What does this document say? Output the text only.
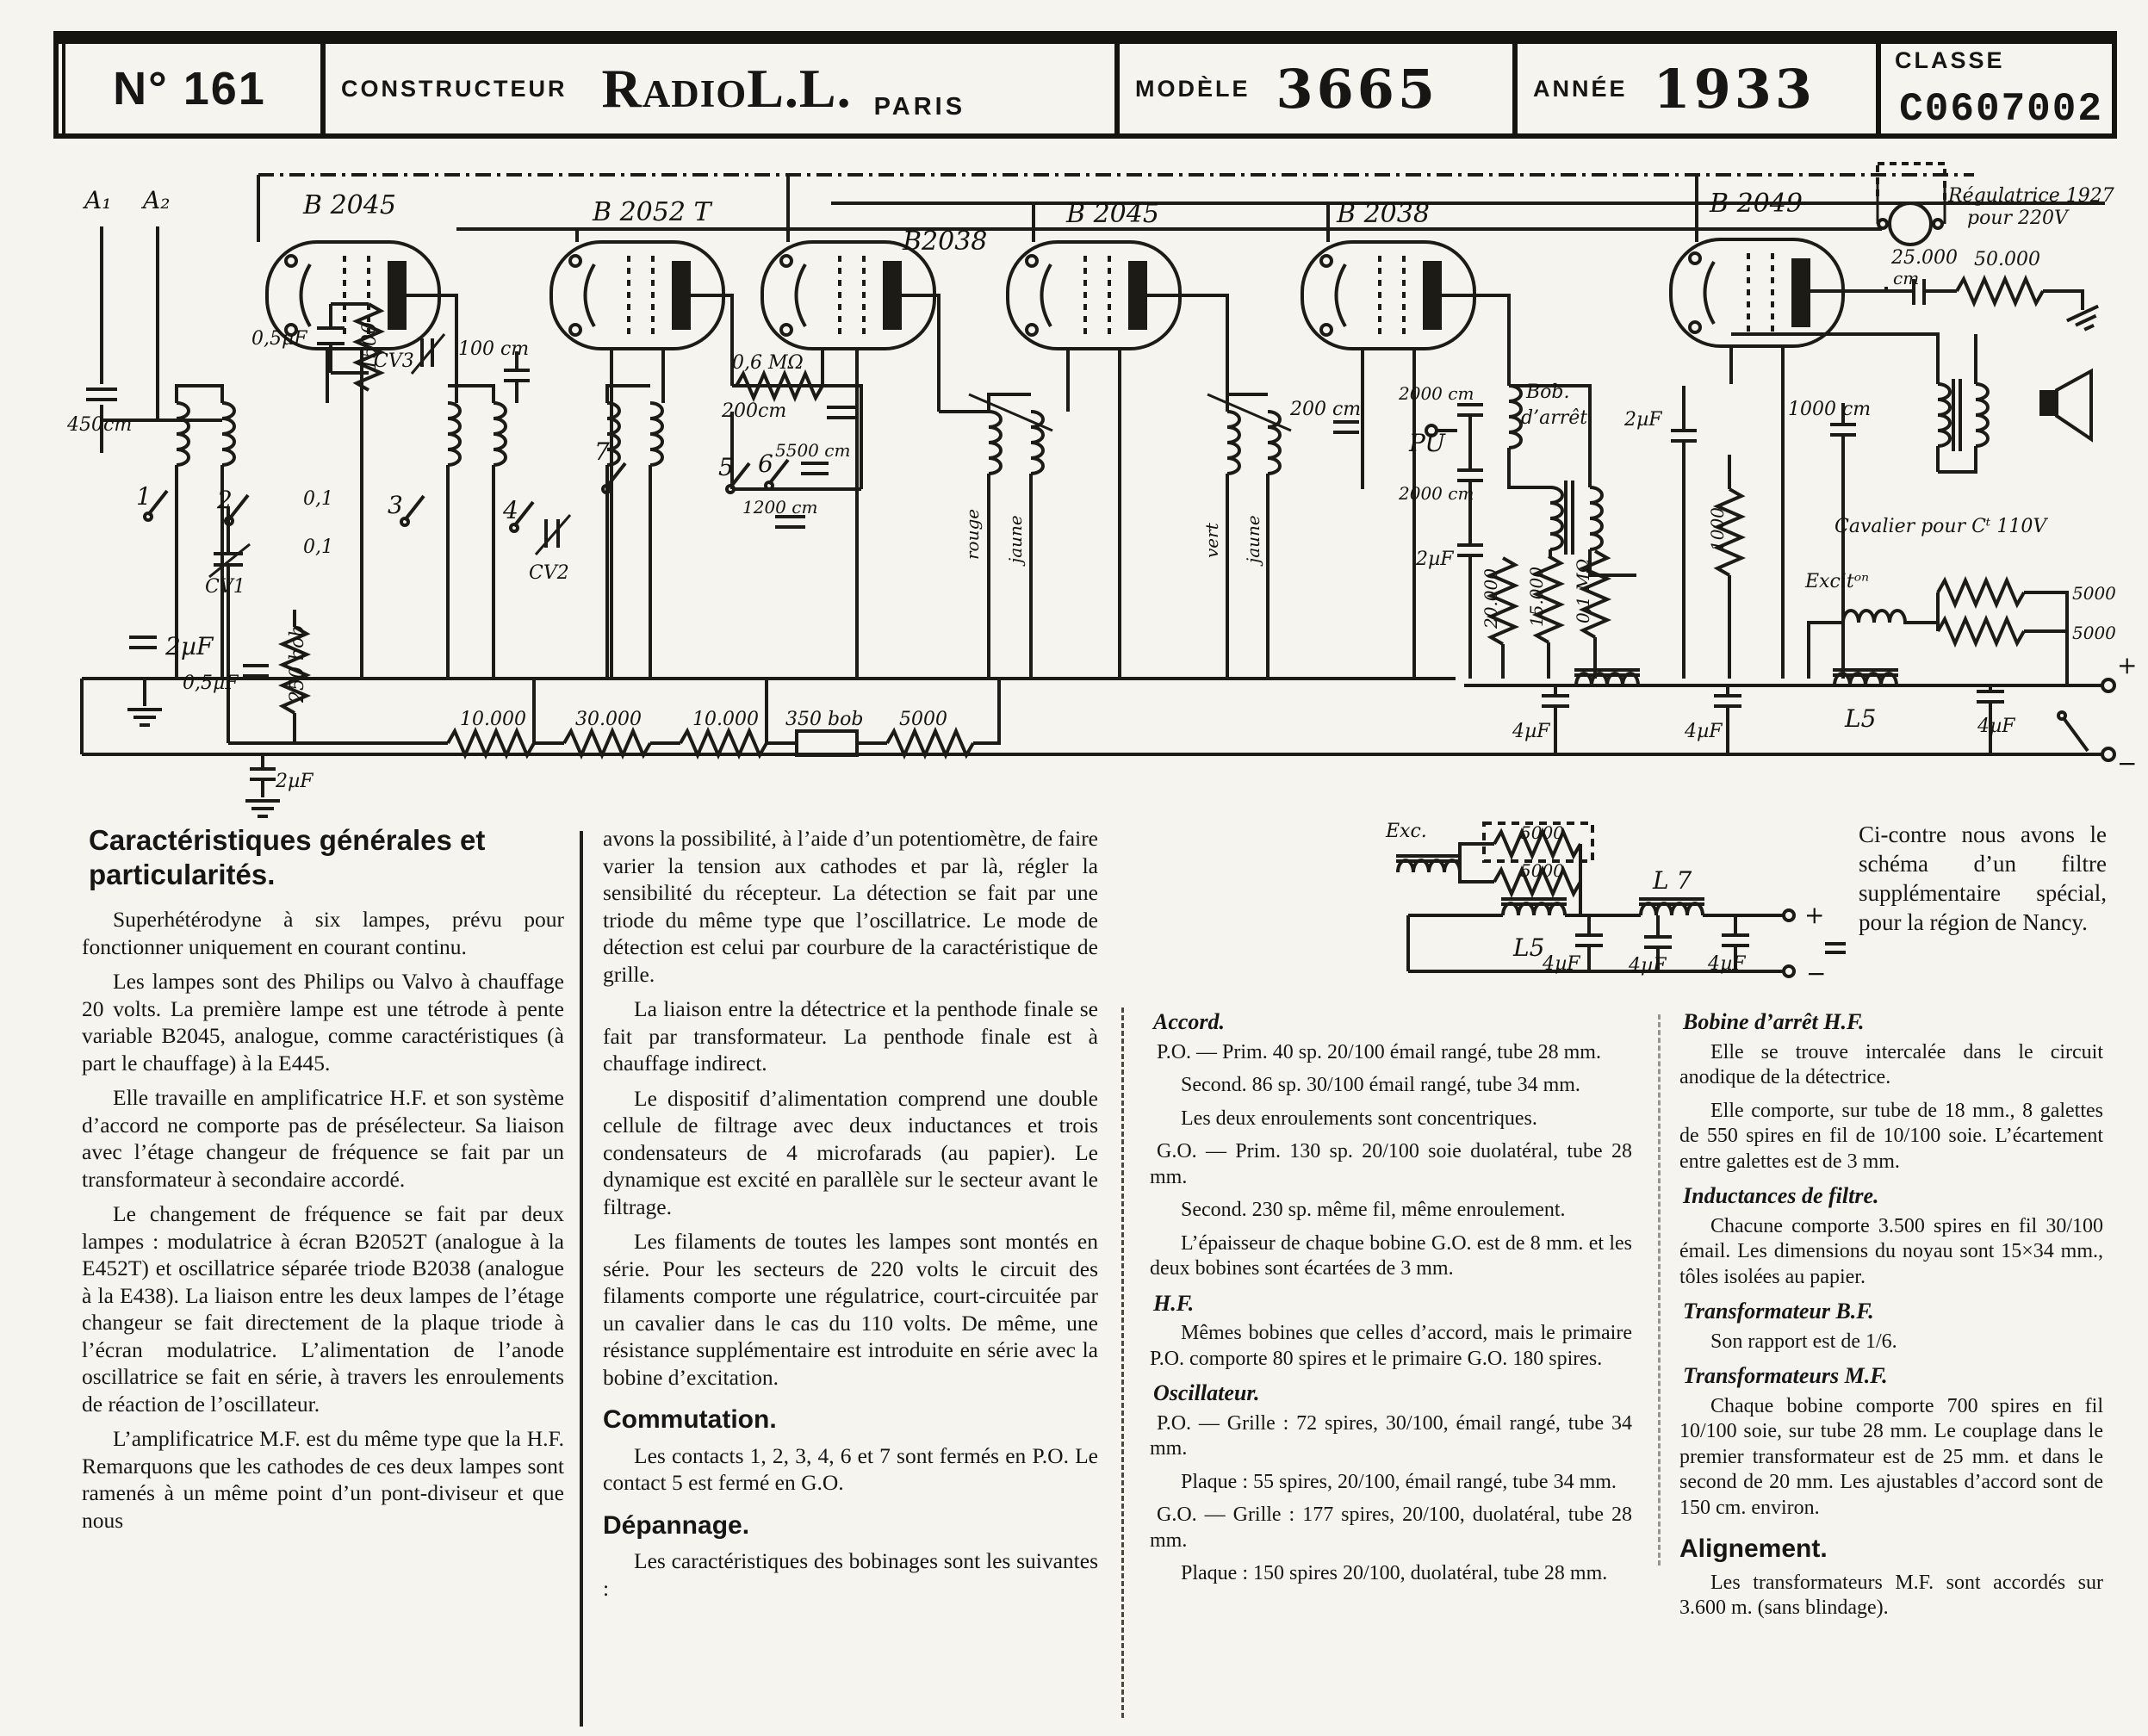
N° 161	CONSTRUCTEUR RadioL.L. PARIS
MODÈLE 3665	ANNÉE 1933	CLASSE
C0607002
B 2045	B 2052 T
B2038
B 2045	B 2038	B 2049
A₁ A₂
450cm
2µF
0,5µF	250 bob
CV1
CV2
CV3
1	2	3	4
5 6
7
0,1
0,1
1500
0,5µF	100 cm
0,6 MΩ
200cm
5500 cm
1200 cm
rouge jaune	vert jaune
200 cm
PU
Bob.
d’arrêt
2000 cm
2000 cm
2µF
20.000 15.000 0,1 MΩ
1000
2µF	1000 cm
25.000
cm
50.000
Régulatrice 1927
pour 220V
Cavalier pour Cᵗ 110V
Excitᵒⁿ
5000
5000
4µF	4µF	L5	4µF
+
−
10.000	30.000	10.000 350 bob 5000
2µF
Exc.	5000
5000
L5
L 7
4µF	4µF 4µF
+
−
Ci-contre nous avons le schéma d’un filtre supplémentaire spécial, pour la région de Nancy.
Caractéristiques générales et particularités.

Superhétérodyne à six lampes, prévu pour fonctionner uniquement en courant continu.

Les lampes sont des Philips ou Valvo à chauffage 20 volts. La première lampe est une tétrode à pente variable B2045, analogue, comme caractéristiques (à part le chauffage) à la E445.

Elle travaille en amplificatrice H.F. et son système d’accord ne comporte pas de présélecteur. Sa liaison avec l’étage changeur de fréquence se fait par un transformateur à secondaire accordé.

Le changement de fréquence se fait par deux lampes : modulatrice à écran B2052T (analogue à la E452T) et oscillatrice séparée triode B2038 (analogue à la E438). La liaison entre les deux lampes de l’étage changeur se fait directement de la plaque triode à l’écran modulatrice. L’alimentation de l’anode oscillatrice se fait en série, à travers les enroulements de réaction de l’oscillateur.

L’amplificatrice M.F. est du même type que la H.F. Remarquons que les cathodes de ces deux lampes sont ramenés à un même point d’un pont-diviseur et que nous

avons la possibilité, à l’aide d’un potentiomètre, de faire varier la tension aux cathodes et par là, régler la sensibilité du récepteur. La détection se fait par une triode du même type que l’oscillatrice. Le mode de détection est celui par courbure de la caractéristique de grille.

La liaison entre la détectrice et la penthode finale se fait par transformateur. La penthode finale est à chauffage indirect.

Le dispositif d’alimentation comprend une double cellule de filtrage avec deux inductances et trois condensateurs de 4 microfarads (au papier). Le dynamique est excité en parallèle sur le secteur avant le filtrage.

Les filaments de toutes les lampes sont montés en série. Pour les secteurs de 220 volts le circuit des filaments comporte une régulatrice, court-circuitée par un cavalier dans le cas du 110 volts. De même, une résistance supplémentaire est introduite en série avec la bobine d’excitation.

Commutation.

Les contacts 1, 2, 3, 4, 6 et 7 sont fermés en P.O. Le contact 5 est fermé en G.O.

Dépannage.

Les caractéristiques des bobinages sont les suivantes :

Accord.

P.O. — Prim. 40 sp. 20/100 émail rangé, tube 28 mm.

Second. 86 sp. 30/100 émail rangé, tube 34 mm.

Les deux enroulements sont concentriques.

G.O. — Prim. 130 sp. 20/100 soie duolatéral, tube 28 mm.

Second. 230 sp. même fil, même enroulement.

L’épaisseur de chaque bobine G.O. est de 8 mm. et les deux bobines sont écartées de 3 mm.

H.F.

Mêmes bobines que celles d’accord, mais le primaire P.O. comporte 80 spires et le primaire G.O. 180 spires.

Oscillateur.

P.O. — Grille : 72 spires, 30/100, émail rangé, tube 34 mm.

Plaque : 55 spires, 20/100, émail rangé, tube 34 mm.

G.O. — Grille : 177 spires, 20/100, duolatéral, tube 28 mm.

Plaque : 150 spires 20/100, duolatéral, tube 28 mm.

Bobine d’arrêt H.F.

Elle se trouve intercalée dans le circuit anodique de la détectrice.

Elle comporte, sur tube de 18 mm., 8 galettes de 550 spires en fil de 10/100 soie. L’écartement entre galettes est de 3 mm.

Inductances de filtre.

Chacune comporte 3.500 spires en fil 30/100 émail. Les dimensions du noyau sont 15×34 mm., tôles isolées au papier.

Transformateur B.F.

Son rapport est de 1/6.

Transformateurs M.F.

Chaque bobine comporte 700 spires en fil 10/100 soie, sur tube 28 mm. Le couplage dans le premier transformateur est de 25 mm. et dans le second de 20 mm. Les ajustables d’accord sont de 150 cm. environ.

Alignement.

Les transformateurs M.F. sont accordés sur 3.600 m. (sans blindage).
